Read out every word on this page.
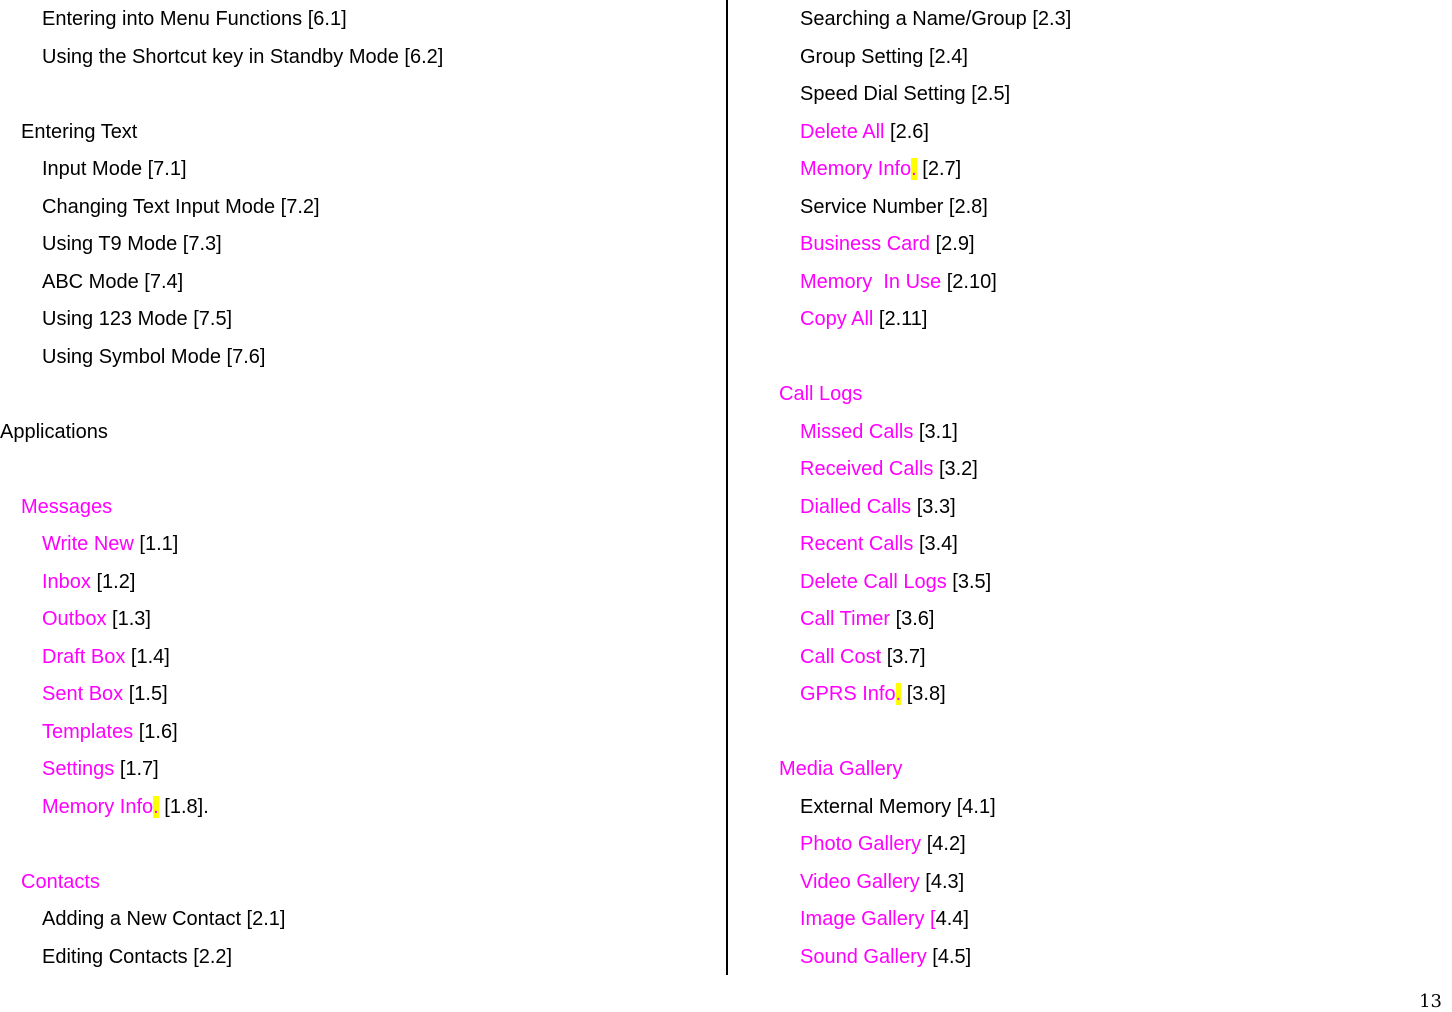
Entering into Menu Functions [6.1]
Using the Shortcut key in Standby Mode [6.2]
Entering Text
Input Mode [7.1]
Changing Text Input Mode [7.2]
Using T9 Mode [7.3]
ABC Mode [7.4]
Using 123 Mode [7.5]
Using Symbol Mode [7.6]
Applications
Messages
Write New [1.1]
Inbox [1.2]
Outbox [1.3]
Draft Box [1.4]
Sent Box [1.5]
Templates [1.6]
Settings [1.7]
Memory Info. [1.8].
Contacts
Adding a New Contact [2.1]
Editing Contacts [2.2]
Searching a Name/Group [2.3]
Group Setting [2.4]
Speed Dial Setting [2.5]
Delete All [2.6]
Memory Info. [2.7]
Service Number [2.8]
Business Card [2.9]
Memory  In Use [2.10]
Copy All [2.11]
Call Logs
Missed Calls [3.1]
Received Calls [3.2]
Dialled Calls [3.3]
Recent Calls [3.4]
Delete Call Logs [3.5]
Call Timer [3.6]
Call Cost [3.7]
GPRS Info. [3.8]
Media Gallery
External Memory [4.1]
Photo Gallery [4.2]
Video Gallery [4.3]
Image Gallery [4.4]
Sound Gallery [4.5]
13
